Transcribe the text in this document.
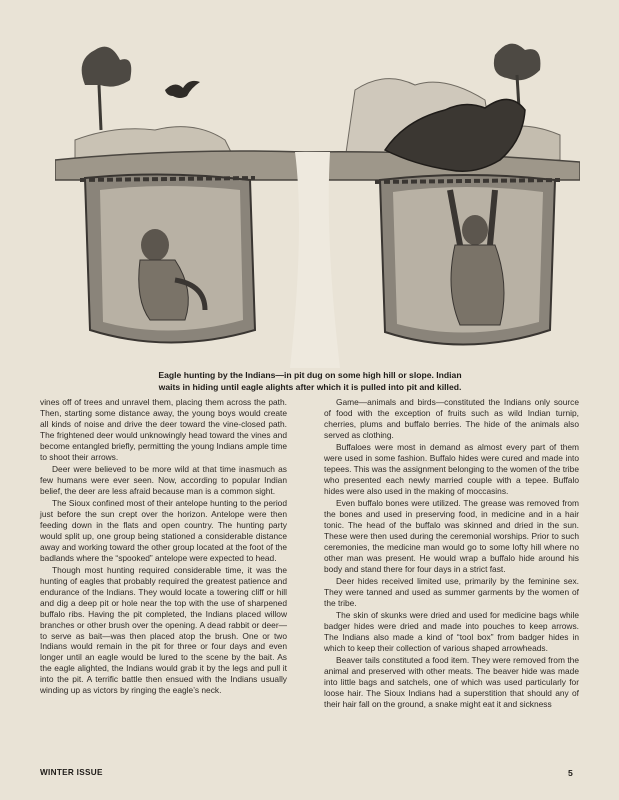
Eagle hunting by the Indians—in pit dug on some high hill or slope. Indian
waits in hiding until eagle alights after which it is pulled into pit and killed.

vines off of trees and unravel them, placing them across the path. Then, starting some distance away, the young boys would create all kinds of noise and drive the deer toward the vine-closed path. The frightened deer would unknowingly head toward the vines and become entangled briefly, permitting the young Indians ample time to shoot their arrows.

Deer were believed to be more wild at that time inasmuch as few humans were ever seen. Now, according to popular Indian belief, the deer are less afraid because man is a common sight.

The Sioux confined most of their antelope hunting to the period just before the sun crept over the horizon. Antelope were then feeding down in the flats and open country. The hunting party would split up, one group being stationed a considerable distance away and working toward the other group located at the foot of the badlands where the “spooked” antelope were expected to head.

Though most hunting required considerable time, it was the hunting of eagles that probably required the greatest patience and endurance of the Indians. They would locate a towering cliff or hill and dig a deep pit or hole near the top with the use of sharpened buffalo ribs. Having the pit completed, the Indians placed willow branches or other brush over the opening. A dead rabbit or deer—to serve as bait—was then placed atop the brush. One or two Indians would remain in the pit for three or four days and even longer until an eagle would be lured to the scene by the bait. As the eagle alighted, the Indians would grab it by the legs and pull it into the pit. A terrific battle then ensued with the Indians usually winding up as victors by ringing the eagle’s neck.

Game—animals and birds—constituted the Indians only source of food with the exception of fruits such as wild Indian turnip, cherries, plums and buffalo berries. The hide of the animals also served as clothing.

Buffaloes were most in demand as almost every part of them were used in some fashion. Buffalo hides were cured and made into tepees. This was the assignment belonging to the women of the tribe who presented each newly married couple with a tepee. Buffalo hides were also used in the making of moccasins.

Even buffalo bones were utilized. The grease was removed from the bones and used in preserving food, in medicine and in a hair tonic. The head of the buffalo was skinned and dried in the sun. These were then used during the ceremonial worships. Prior to such ceremonies, the medicine man would go to some lofty hill where no other man was present. He would wrap a buffalo hide around his body and stand there for four days in a strict fast.

Deer hides received limited use, primarily by the feminine sex. They were tanned and used as summer garments by the women of the tribe.

The skin of skunks were dried and used for medicine bags while badger hides were dried and made into pouches to keep arrows. The Indians also made a kind of “tool box” from badger hides in which to keep their collection of various shaped arrowheads.

Beaver tails constituted a food item. They were removed from the animal and preserved with other meats. The beaver hide was made into little bags and satchels, one of which was used particularly for loose hair. The Sioux Indians had a superstition that should any of their hair fall on the ground, a snake might eat it and sickness

WINTER ISSUE	5
